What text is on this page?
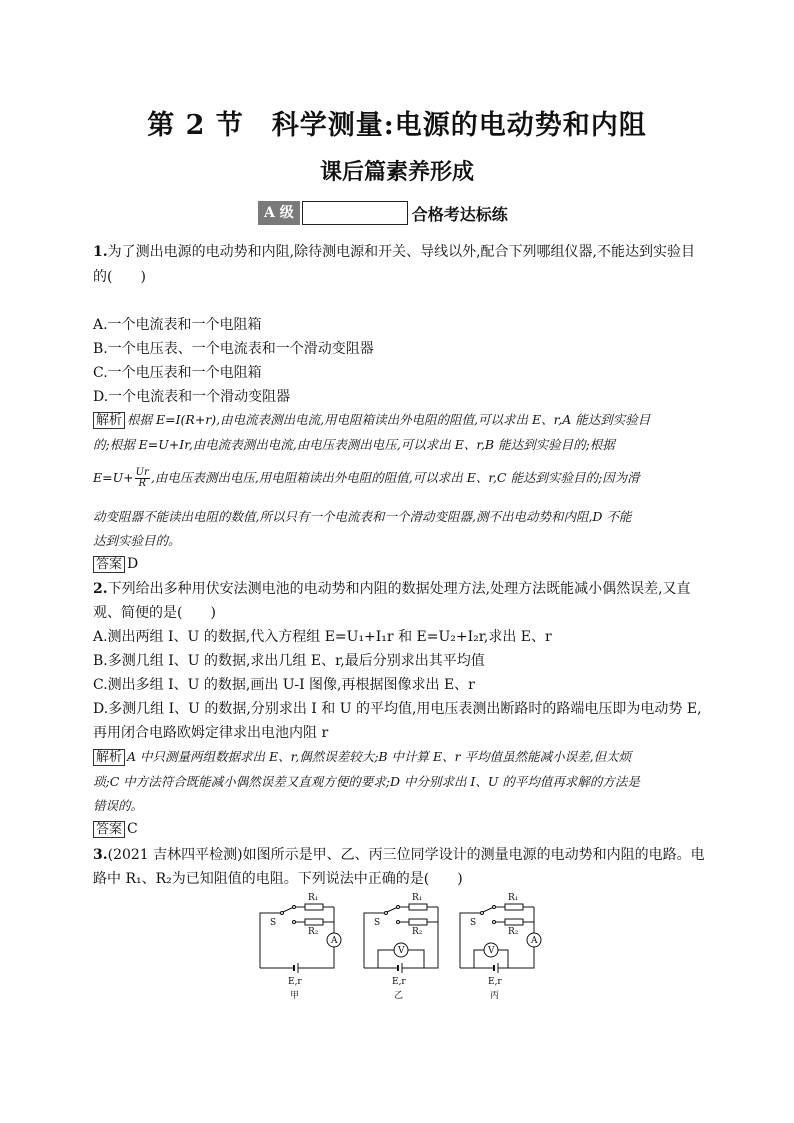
第 2 节　科学测量:电源的电动势和内阻
课后篇素养形成
A 级	合格考达标练
1.为了测出电源的电动势和内阻,除待测电源和开关、导线以外,配合下列哪组仪器,不能达到实验目
的(　　)
A.一个电流表和一个电阻箱
B.一个电压表、一个电流表和一个滑动变阻器
C.一个电压表和一个电阻箱
D.一个电流表和一个滑动变阻器
解析 根据 E=I(R+r),由电流表测出电流,用电阻箱读出外电阻的阻值,可以求出 E、r,A 能达到实验目
的;根据 E=U+Ir,由电流表测出电流,由电压表测出电压,可以求出 E、r,B 能达到实验目的;根据
$E=U+ \frac{Ur}{R}$ ,由电压表测出电压,用电阻箱读出外电阻的阻值,可以求出 E、r,C 能达到实验目的;因为滑
动变阻器不能读出电阻的数值,所以只有一个电流表和一个滑动变阻器,测不出电动势和内阻,D 不能
达到实验目的。
答案 D
2.下列给出多种用伏安法测电池的电动势和内阻的数据处理方法,处理方法既能减小偶然误差,又直
观、简便的是(　　)
A.测出两组 I、U 的数据,代入方程组 E=U₁+I₁r 和 E=U₂+I₂r,求出 E、r
B.多测几组 I、U 的数据,求出几组 E、r,最后分别求出其平均值
C.测出多组 I、U 的数据,画出 U-I 图像,再根据图像求出 E、r
D.多测几组 I、U 的数据,分别求出 I 和 U 的平均值,用电压表测出断路时的路端电压即为电动势 E,
再用闭合电路欧姆定律求出电池内阻 r
解析 A 中只测量两组数据求出 E、r,偶然误差较大;B 中计算 E、r 平均值虽然能减小误差,但太烦
琐;C 中方法符合既能减小偶然误差又直观方便的要求;D 中分别求出 I、U 的平均值再求解的方法是
错误的。
答案 C
3.(2021 吉林四平检测)如图所示是甲、乙、丙三位同学设计的测量电源的电动势和内阻的电路。电
路中 R₁、R₂为已知阻值的电阻。下列说法中正确的是(　　)
R₁
R₂
S
A
E,r
甲
R₁
R₂
S
V
E,r
乙
R₁
R₂
S
A
V
E,r
丙
